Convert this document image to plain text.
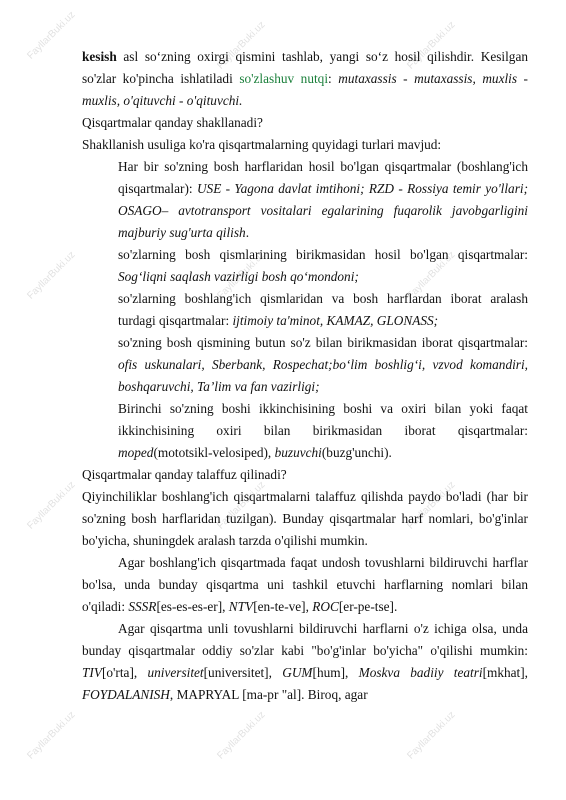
FayllarBuki.uz	FayllarBuki.uz	FayllarBuki.uz
FayllarBuki.uz	FayllarBuki.uz	FayllarBuki.uz
FayllarBuki.uz	FayllarBuki.uz	FayllarBuki.uz
FayllarBuki.uz	FayllarBuki.uz	FayllarBuki.uz

kesish asl so‘zning oxirgi qismini tashlab, yangi so‘z hosil qilishdir. Kesilgan so'zlar ko'pincha ishlatiladi so'zlashuv nutqi: mutaxassis - mutaxassis, muxlis - muxlis, o'qituvchi - o'qituvchi.

Qisqartmalar qanday shakllanadi?

Shakllanish usuliga ko'ra qisqartmalarning quyidagi turlari mavjud:

Har bir so'zning bosh harflaridan hosil bo'lgan qisqartmalar (boshlang'ich qisqartmalar): USE - Yagona davlat imtihoni; RZD - Rossiya temir yo'llari; OSAGO– avtotransport vositalari egalarining fuqarolik javobgarligini majburiy sug'urta qilish.

so'zlarning bosh qismlarining birikmasidan hosil bo'lgan qisqartmalar: Sog‘liqni saqlash vazirligi bosh qo‘mondoni;

so'zlarning boshlang'ich qismlaridan va bosh harflardan iborat aralash turdagi qisqartmalar: ijtimoiy ta'minot, KAMAZ, GLONASS;

so'zning bosh qismining butun so'z bilan birikmasidan iborat qisqartmalar: ofis uskunalari, Sberbank, Rospechat;bo‘lim boshlig‘i, vzvod komandiri, boshqaruvchi, Ta’lim va fan vazirligi;

Birinchi so'zning boshi ikkinchisining boshi va oxiri bilan yoki faqat ikkinchisining oxiri bilan birikmasidan iborat qisqartmalar: moped(mototsikl-velosiped), buzuvchi(buzg'unchi).

Qisqartmalar qanday talaffuz qilinadi?

Qiyinchiliklar boshlang'ich qisqartmalarni talaffuz qilishda paydo bo'ladi (har bir so'zning bosh harflaridan tuzilgan). Bunday qisqartmalar harf nomlari, bo'g'inlar bo'yicha, shuningdek aralash tarzda o'qilishi mumkin.

Agar boshlang'ich qisqartmada faqat undosh tovushlarni bildiruvchi harflar bo'lsa, unda bunday qisqartma uni tashkil etuvchi harflarning nomlari bilan o'qiladi: SSSR[es-es-es-er], NTV[en-te-ve], ROC[er-pe-tse].

Agar qisqartma unli tovushlarni bildiruvchi harflarni o'z ichiga olsa, unda bunday qisqartmalar oddiy so'zlar kabi "bo'g'inlar bo'yicha" o'qilishi mumkin: TIV[o'rta], universitet[universitet], GUM[hum], Moskva badiiy teatri[mkhat], FOYDALANISH, MAPRYAL [ma-pr "al]. Biroq, agar
